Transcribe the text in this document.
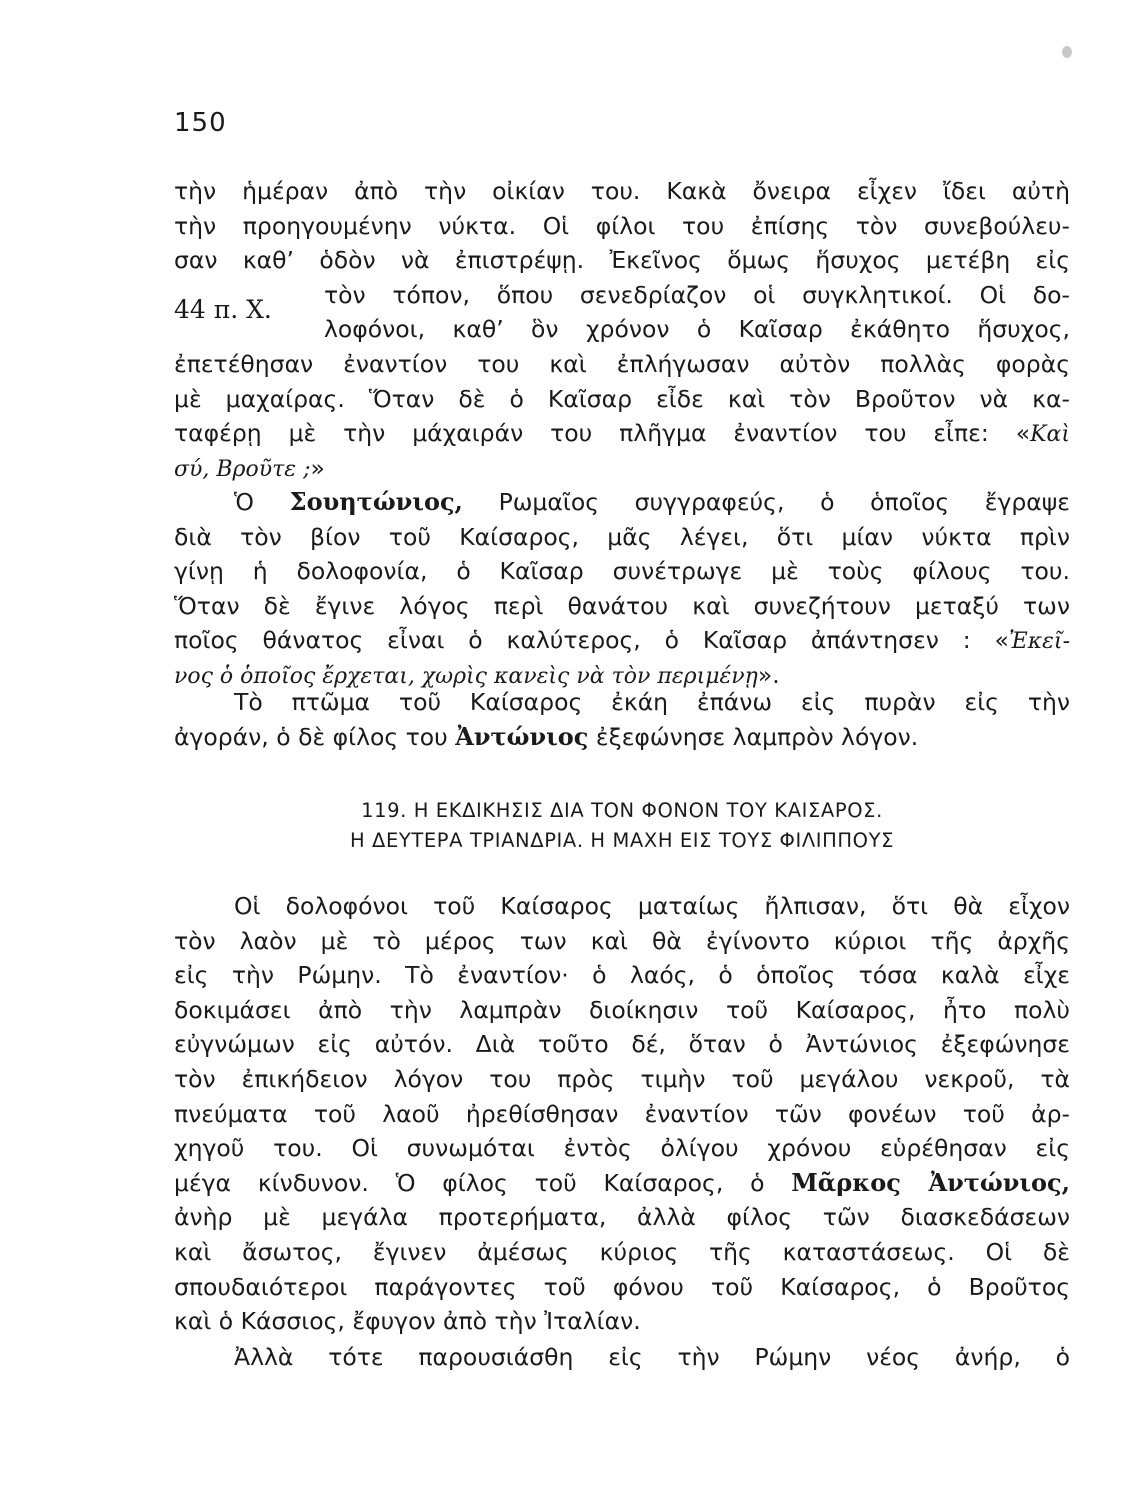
150
44 π. Χ.
τὴν ἡμέραν ἀπὸ τὴν οἰκίαν του. Κακὰ ὄνειρα εἶχεν ἴδει αὐτὴ
τὴν προηγουμένην νύκτα. Οἱ φίλοι του ἐπίσης τὸν συνεβούλευ-
σαν καθ’ ὁδὸν νὰ ἐπιστρέψῃ. Ἐκεῖνος ὅμως ἥσυχος μετέβη εἰς
τὸν τόπον, ὅπου σενεδρίαζον οἱ συγκλητικοί. Οἱ δο-
λοφόνοι, καθ’ ὃν χρόνον ὁ Καῖσαρ ἐκάθητο ἥσυχος,
ἐπετέθησαν ἐναντίον του καὶ ἐπλήγωσαν αὐτὸν πολλὰς φορὰς
μὲ μαχαίρας. Ὅταν δὲ ὁ Καῖσαρ εἶδε καὶ τὸν Βροῦτον νὰ κα-
ταφέρῃ μὲ τὴν μάχαιράν του πλῆγμα ἐναντίον του εἶπε: «Καὶ
σύ, Βροῦτε ;»
Ὁ Σουητώνιος, Ρωμαῖος συγγραφεύς, ὁ ὁποῖος ἔγραψε
διὰ τὸν βίον τοῦ Καίσαρος, μᾶς λέγει, ὅτι μίαν νύκτα πρὶν
γίνῃ ἡ δολοφονία, ὁ Καῖσαρ συνέτρωγε μὲ τοὺς φίλους του.
Ὅταν δὲ ἔγινε λόγος περὶ θανάτου καὶ συνεζήτουν μεταξύ των
ποῖος θάνατος εἶναι ὁ καλύτερος, ὁ Καῖσαρ ἀπάντησεν : «Ἐκεῖ-
νος ὁ ὁποῖος ἔρχεται, χωρὶς κανεὶς νὰ τὸν περιμένῃ».
Τὸ πτῶμα τοῦ Καίσαρος ἐκάη ἐπάνω εἰς πυρὰν εἰς τὴν
ἀγοράν, ὁ δὲ φίλος του Ἀντώνιος ἐξεφώνησε λαμπρὸν λόγον.
119. Η ΕΚΔΙΚΗΣΙΣ ΔΙΑ ΤΟΝ ΦΟΝΟΝ ΤΟΥ ΚΑΙΣΑΡΟΣ.
Η ΔΕΥΤΕΡΑ ΤΡΙΑΝΔΡΙΑ. Η ΜΑΧΗ ΕΙΣ ΤΟΥΣ ΦΙΛΙΠΠΟΥΣ
Οἱ δολοφόνοι τοῦ Καίσαρος ματαίως ἤλπισαν, ὅτι θὰ εἶχον
τὸν λαὸν μὲ τὸ μέρος των καὶ θὰ ἐγίνοντο κύριοι τῆς ἀρχῆς
εἰς τὴν Ρώμην. Τὸ ἐναντίον· ὁ λαός, ὁ ὁποῖος τόσα καλὰ εἶχε
δοκιμάσει ἀπὸ τὴν λαμπρὰν διοίκησιν τοῦ Καίσαρος, ἦτο πολὺ
εὐγνώμων εἰς αὐτόν. Διὰ τοῦτο δέ, ὅταν ὁ Ἀντώνιος ἐξεφώνησε
τὸν ἐπικήδειον λόγον του πρὸς τιμὴν τοῦ μεγάλου νεκροῦ, τὰ
πνεύματα τοῦ λαοῦ ἠρεθίσθησαν ἐναντίον τῶν φονέων τοῦ ἀρ-
χηγοῦ του. Οἱ συνωμόται ἐντὸς ὀλίγου χρόνου εὑρέθησαν εἰς
μέγα κίνδυνον. Ὁ φίλος τοῦ Καίσαρος, ὁ Μᾶρκος Ἀντώνιος,
ἀνὴρ μὲ μεγάλα προτερήματα, ἀλλὰ φίλος τῶν διασκεδάσεων
καὶ ἄσωτος, ἔγινεν ἀμέσως κύριος τῆς καταστάσεως. Οἱ δὲ
σπουδαιότεροι παράγοντες τοῦ φόνου τοῦ Καίσαρος, ὁ Βροῦτος
καὶ ὁ Κάσσιος, ἔφυγον ἀπὸ τὴν Ἰταλίαν.
Ἀλλὰ τότε παρουσιάσθη εἰς τὴν Ρώμην νέος ἀνήρ, ὁ
